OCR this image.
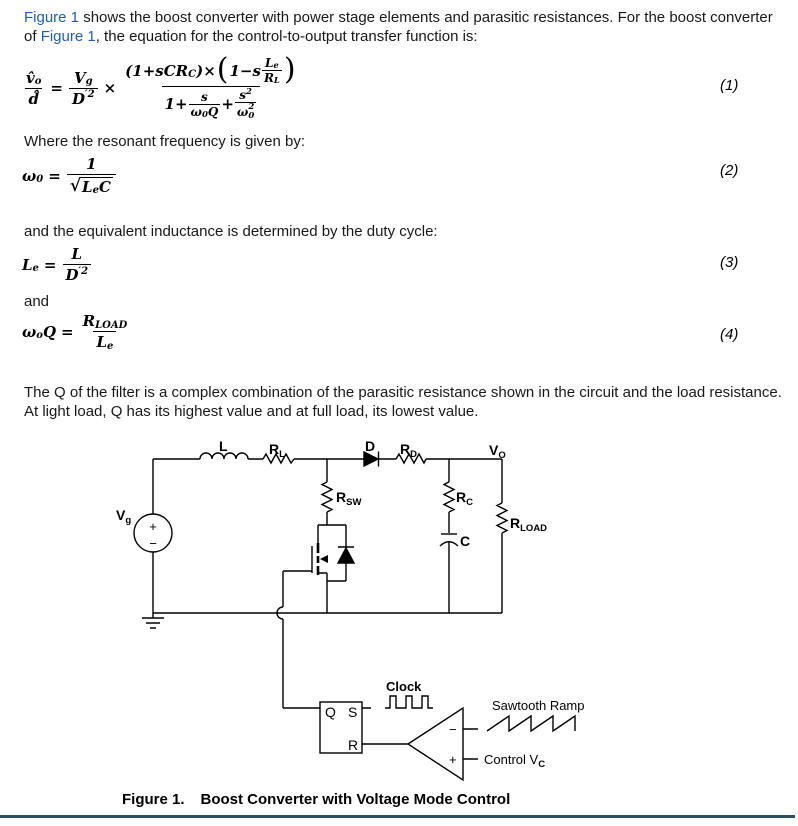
Figure 1 shows the boost converter with power stage elements and parasitic resistances. For the boost converter of Figure 1, the equation for the control-to-output transfer function is:
$\frac{v̂ o}{d̂} = \frac{\text{V g}}{D '2} \times (1+sCR$ C )× ( 1−s L e
R L )
$1+ \frac{s}{\omega 0 Q} + s$ 2
ω 2
0	(1)
Where the resonant frequency is given by:
ω $0 = \frac{1}{\text{√ L e C}}$	(2)
and the equivalent inductance is determined by the duty cycle:
L $e = \frac{L}{D '2}$	(3)
and
ω o $Q = \frac{\text{R LOAD}}{\text{L e}}$	(4)
The Q of the filter is a complex combination of the parasitic resistance shown in the circuit and the load resistance. At light load, Q has its highest value and at full load, its lowest value.
$V_g$ +
−
L	$R_L$
D $R_D$	$V_O$
$R_{SW}$	$R_C$
C
$R_{LOAD}$
Q S
R
Clock
Sawtooth Ramp
Control $V_C$
−
+
Figure 1. Boost Converter with Voltage Mode Control
